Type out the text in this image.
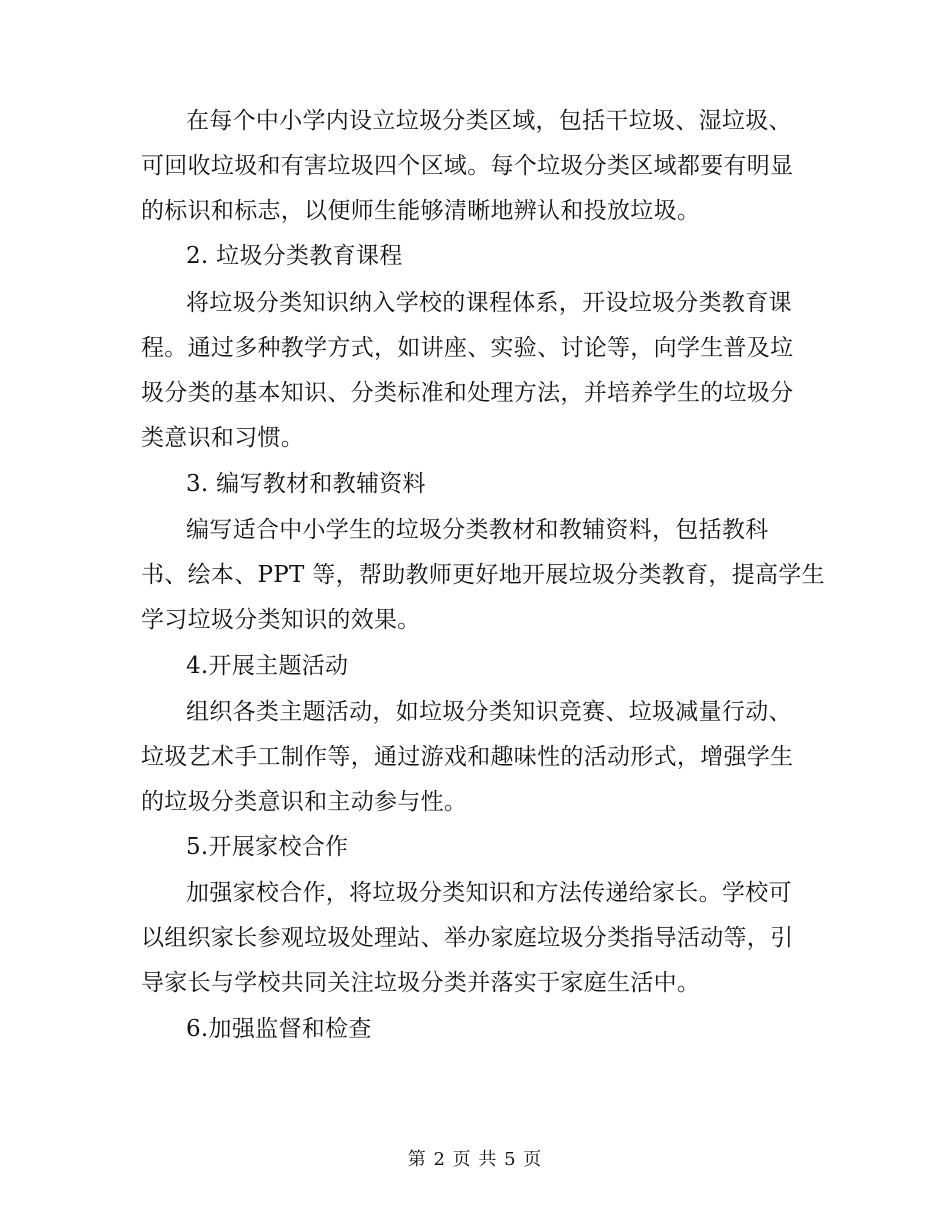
在每个中小学内设立垃圾分类区域，包括干垃圾、湿垃圾、

可回收垃圾和有害垃圾四个区域。每个垃圾分类区域都要有明显

的标识和标志，以便师生能够清晰地辨认和投放垃圾。

2. 垃圾分类教育课程

将垃圾分类知识纳入学校的课程体系，开设垃圾分类教育课

程。通过多种教学方式，如讲座、实验、讨论等，向学生普及垃

圾分类的基本知识、分类标准和处理方法，并培养学生的垃圾分

类意识和习惯。

3. 编写教材和教辅资料

编写适合中小学生的垃圾分类教材和教辅资料，包括教科

书、绘本、PPT 等，帮助教师更好地开展垃圾分类教育，提高学生

学习垃圾分类知识的效果。

4.开展主题活动

组织各类主题活动，如垃圾分类知识竞赛、垃圾减量行动、

垃圾艺术手工制作等，通过游戏和趣味性的活动形式，增强学生

的垃圾分类意识和主动参与性。

5.开展家校合作

加强家校合作，将垃圾分类知识和方法传递给家长。学校可

以组织家长参观垃圾处理站、举办家庭垃圾分类指导活动等，引

导家长与学校共同关注垃圾分类并落实于家庭生活中。

6.加强监督和检查

第 2 页 共 5 页
